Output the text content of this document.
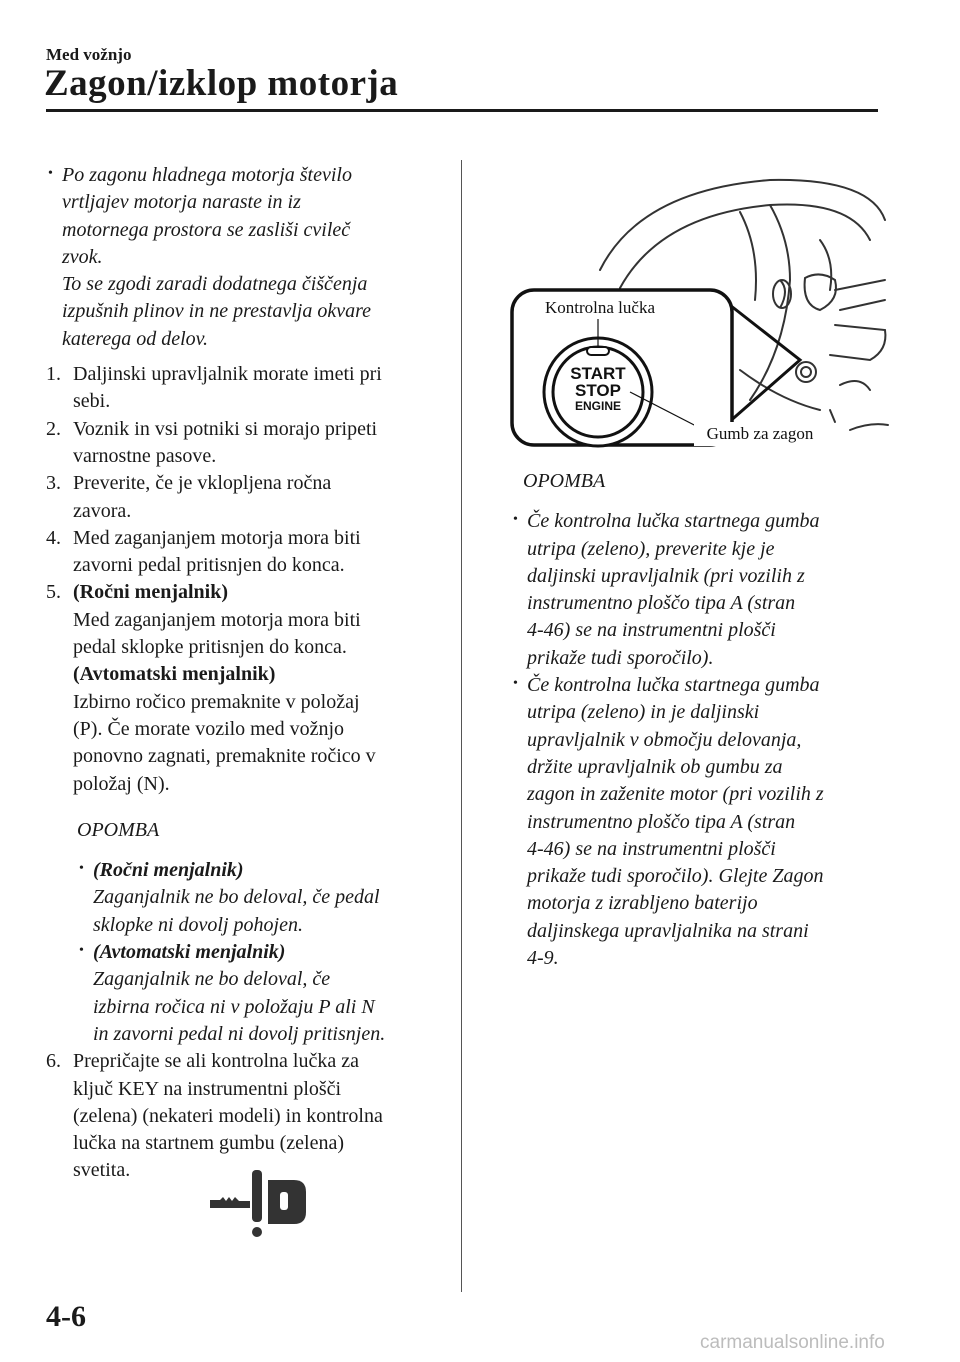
Med vožnjo
Zagon/izklop motorja
• Po zagonu hladnega motorja število
vrtljajev motorja naraste in iz
motornega prostora se zasliši cvileč
zvok.
To se zgodi zaradi dodatnega čiščenja
izpušnih plinov in ne prestavlja okvare
katerega od delov.
1. Daljinski upravljalnik morate imeti pri
sebi.
2. Voznik in vsi potniki si morajo pripeti
varnostne pasove.
3. Preverite, če je vklopljena ročna
zavora.
4. Med zaganjanjem motorja mora biti
zavorni pedal pritisnjen do konca.
5. (Ročni menjalnik)
Med zaganjanjem motorja mora biti
pedal sklopke pritisnjen do konca.
(Avtomatski menjalnik)
Izbirno ročico premaknite v položaj
(P). Če morate vozilo med vožnjo
ponovno zagnati, premaknite ročico v
položaj (N).
OPOMBA
• (Ročni menjalnik)
Zaganjalnik ne bo deloval, če pedal
sklopke ni dovolj pohojen.
• (Avtomatski menjalnik)
Zaganjalnik ne bo deloval, če
izbirna ročica ni v položaju P ali N
in zavorni pedal ni dovolj pritisnjen.
6. Prepričajte se ali kontrolna lučka za
ključ KEY na instrumentni plošči
(zelena) (nekateri modeli) in kontrolna
lučka na startnem gumbu (zelena)
svetita.
START
STOP
ENGINE
Kontrolna lučka
Gumb za zagon
OPOMBA
• Če kontrolna lučka startnega gumba
utripa (zeleno), preverite kje je
daljinski upravljalnik (pri vozilih z
instrumentno ploščo tipa A (stran
4-46) se na instrumentni plošči
prikaže tudi sporočilo).
• Če kontrolna lučka startnega gumba
utripa (zeleno) in je daljinski
upravljalnik v območju delovanja,
držite upravljalnik ob gumbu za
zagon in zaženite motor (pri vozilih z
instrumentno ploščo tipa A (stran
4-46) se na instrumentni plošči
prikaže tudi sporočilo). Glejte Zagon
motorja z izrabljeno baterijo
daljinskega upravljalnika na strani
4-9.
4-6
carmanualsonline.info
